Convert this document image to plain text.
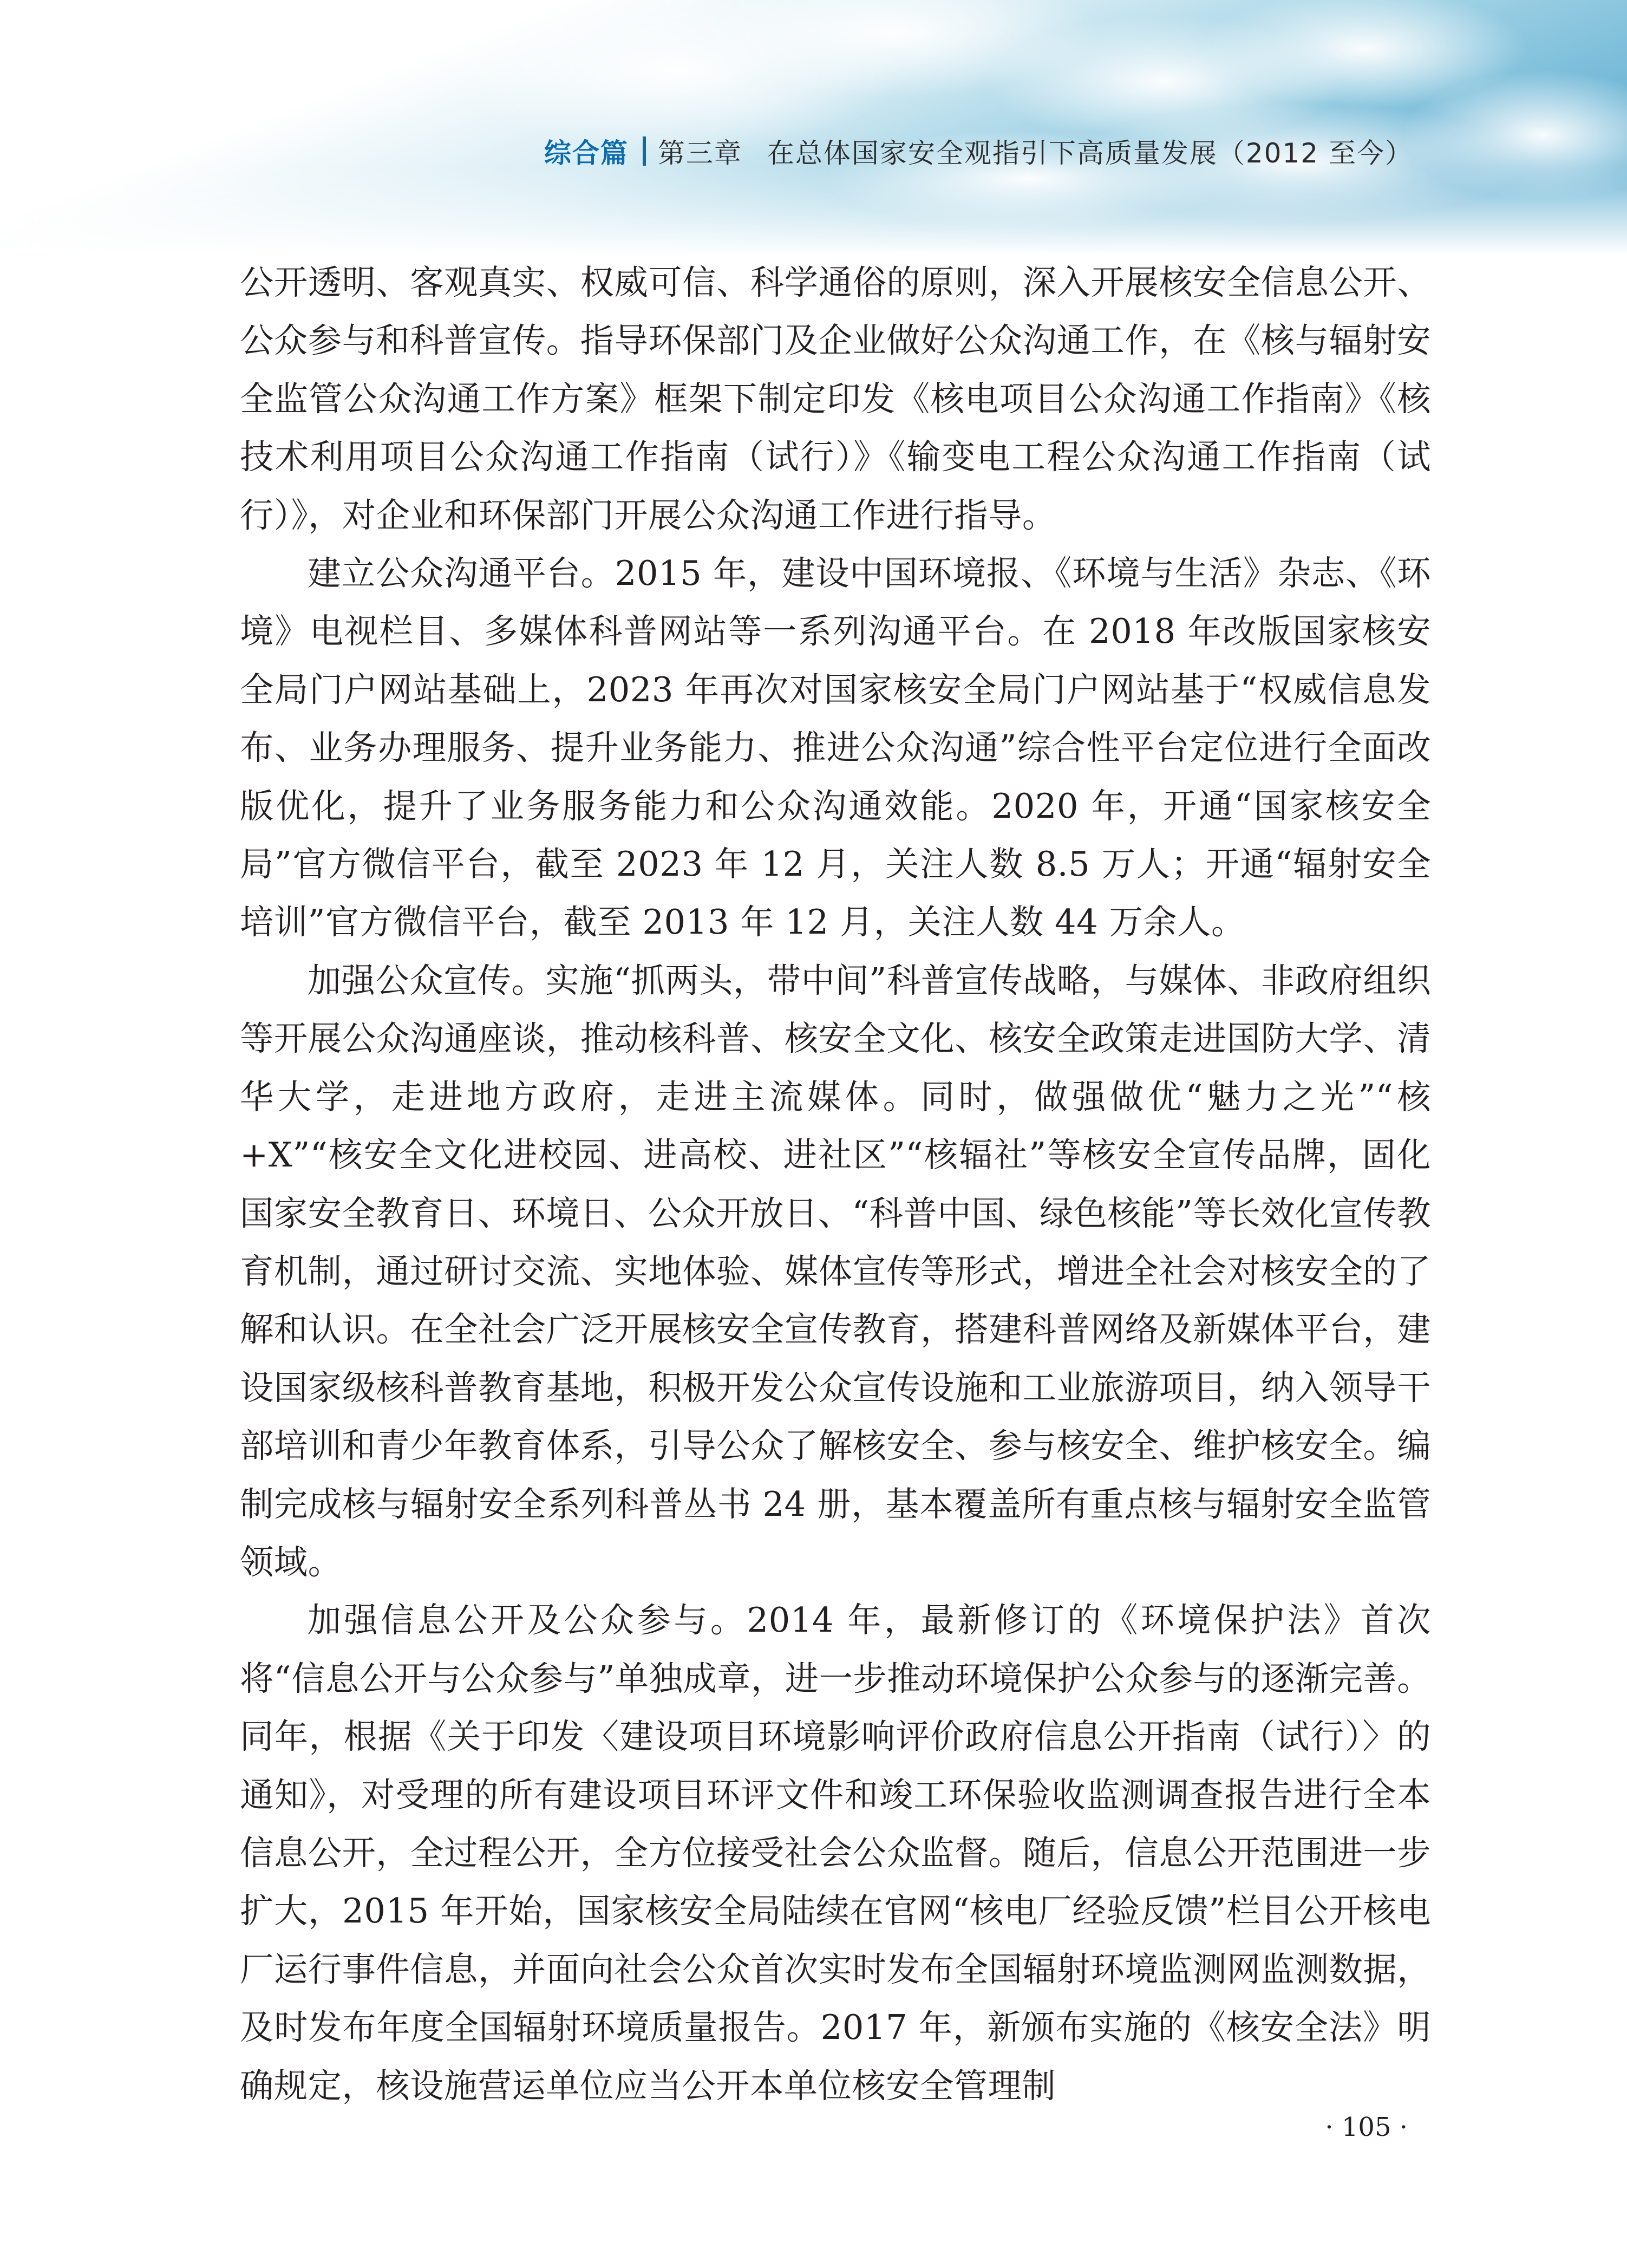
综合篇 第三章 在总体国家安全观指引下高质量发展（2012 至今）

公开透明、客观真实、权威可信、科学通俗的原则，深入开展核安全信息公开、公众参与和科普宣传。指导环保部门及企业做好公众沟通工作，在《核与辐射安全监管公众沟通工作方案》框架下制定印发《核电项目公众沟通工作指南》《核技术利用项目公众沟通工作指南（试行）》《输变电工程公众沟通工作指南（试行）》，对企业和环保部门开展公众沟通工作进行指导。

建立公众沟通平台。2015 年，建设中国环境报、《环境与生活》杂志、《环境》电视栏目、多媒体科普网站等一系列沟通平台。在 2018 年改版国家核安全局门户网站基础上，2023 年再次对国家核安全局门户网站基于“权威信息发布、业务办理服务、提升业务能力、推进公众沟通”综合性平台定位进行全面改版优化，提升了业务服务能力和公众沟通效能。2020 年，开通“国家核安全局”官方微信平台，截至 2023 年 12 月，关注人数 8.5 万人；开通“辐射安全培训”官方微信平台，截至 2013 年 12 月，关注人数 44 万余人。

加强公众宣传。实施“抓两头，带中间”科普宣传战略，与媒体、非政府组织等开展公众沟通座谈，推动核科普、核安全文化、核安全政策走进国防大学、清华大学，走进地方政府，走进主流媒体。同时，做强做优“魅力之光”“核+X”“核安全文化进校园、进高校、进社区”“核辐社”等核安全宣传品牌，固化国家安全教育日、环境日、公众开放日、“科普中国、绿色核能”等长效化宣传教育机制，通过研讨交流、实地体验、媒体宣传等形式，增进全社会对核安全的了解和认识。在全社会广泛开展核安全宣传教育，搭建科普网络及新媒体平台，建设国家级核科普教育基地，积极开发公众宣传设施和工业旅游项目，纳入领导干部培训和青少年教育体系，引导公众了解核安全、参与核安全、维护核安全。编制完成核与辐射安全系列科普丛书 24 册，基本覆盖所有重点核与辐射安全监管领域。

加强信息公开及公众参与。2014 年，最新修订的《环境保护法》首次将“信息公开与公众参与”单独成章，进一步推动环境保护公众参与的逐渐完善。同年，根据《关于印发〈建设项目环境影响评价政府信息公开指南（试行）〉的通知》，对受理的所有建设项目环评文件和竣工环保验收监测调查报告进行全本信息公开，全过程公开，全方位接受社会公众监督。随后，信息公开范围进一步扩大，2015 年开始，国家核安全局陆续在官网“核电厂经验反馈”栏目公开核电厂运行事件信息，并面向社会公众首次实时发布全国辐射环境监测网监测数据，及时发布年度全国辐射环境质量报告。2017 年，新颁布实施的《核安全法》明确规定，核设施营运单位应当公开本单位核安全管理制

· 105 ·
